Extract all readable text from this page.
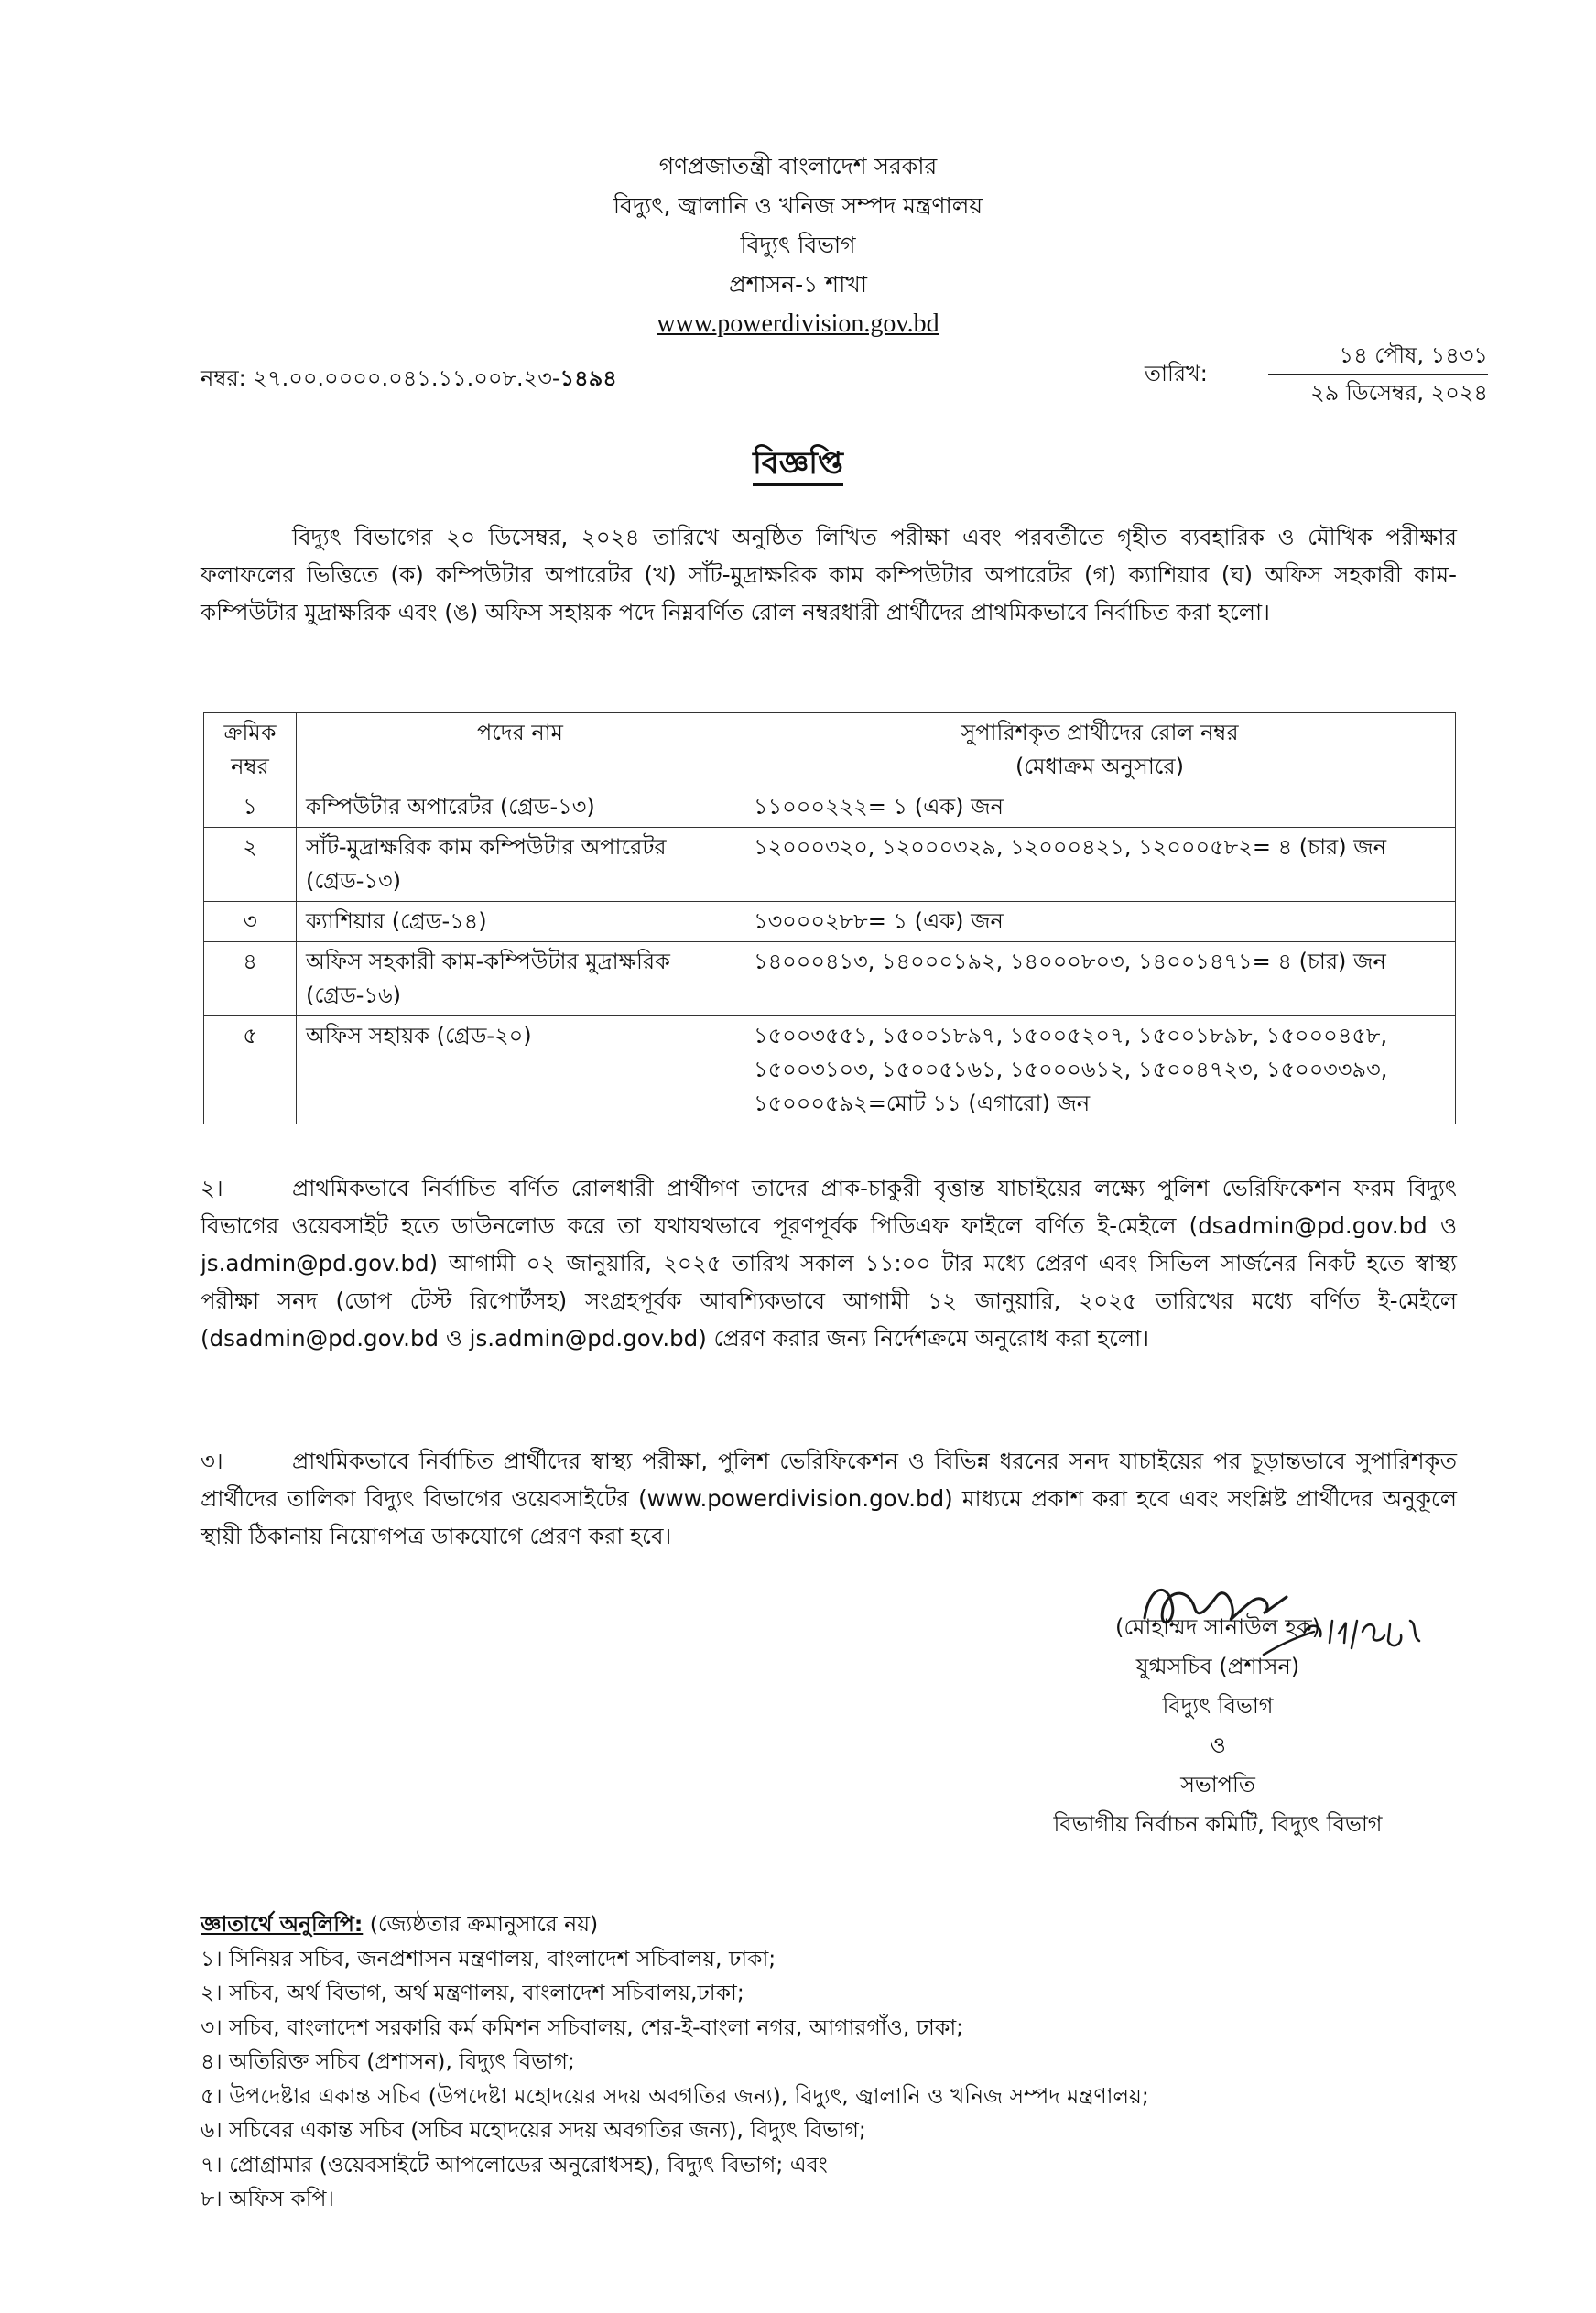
গণপ্রজাতন্ত্রী বাংলাদেশ সরকার
বিদ্যুৎ, জ্বালানি ও খনিজ সম্পদ মন্ত্রণালয়
বিদ্যুৎ বিভাগ
প্রশাসন-১ শাখা
www.powerdivision.gov.bd
নম্বর: ২৭.০০.০০০০.০৪১.১১.০০৮.২৩-১৪৯৪	তারিখ:
১৪ পৌষ, ১৪৩১
২৯ ডিসেম্বর, ২০২৪
বিজ্ঞপ্তি
বিদ্যুৎ বিভাগের ২০ ডিসেম্বর, ২০২৪ তারিখে অনুষ্ঠিত লিখিত পরীক্ষা এবং পরবর্তীতে গৃহীত ব্যবহারিক ও মৌখিক পরীক্ষার ফলাফলের ভিত্তিতে (ক) কম্পিউটার অপারেটর (খ) সাঁট-মুদ্রাক্ষরিক কাম কম্পিউটার অপারেটর (গ) ক্যাশিয়ার (ঘ) অফিস সহকারী কাম-কম্পিউটার মুদ্রাক্ষরিক এবং (ঙ) অফিস সহায়ক পদে নিম্নবর্ণিত রোল নম্বরধারী প্রার্থীদের প্রাথমিকভাবে নির্বাচিত করা হলো।
ক্রমিক নম্বর	পদের নাম	সুপারিশকৃত প্রার্থীদের রোল নম্বর
(মেধাক্রম অনুসারে)

১	কম্পিউটার অপারেটর (গ্রেড-১৩)	১১০০০২২২= ১ (এক) জন
২	সাঁট-মুদ্রাক্ষরিক কাম কম্পিউটার অপারেটর (গ্রেড-১৩)	১২০০০৩২০, ১২০০০৩২৯, ১২০০০৪২১, ১২০০০৫৮২= ৪ (চার) জন
৩	ক্যাশিয়ার (গ্রেড-১৪)	১৩০০০২৮৮= ১ (এক) জন
৪	অফিস সহকারী কাম-কম্পিউটার মুদ্রাক্ষরিক (গ্রেড-১৬)	১৪০০০৪১৩, ১৪০০০১৯২, ১৪০০০৮০৩, ১৪০০১৪৭১= ৪ (চার) জন
৫	অফিস সহায়ক (গ্রেড-২০)	১৫০০৩৫৫১, ১৫০০১৮৯৭, ১৫০০৫২০৭, ১৫০০১৮৯৮, ১৫০০০৪৫৮, ১৫০০৩১০৩, ১৫০০৫১৬১, ১৫০০০৬১২, ১৫০০৪৭২৩, ১৫০০৩৩৯৩, ১৫০০০৫৯২=মোট ১১ (এগারো) জন
২।	প্রাথমিকভাবে নির্বাচিত বর্ণিত রোলধারী প্রার্থীগণ তাদের প্রাক-চাকুরী বৃত্তান্ত যাচাইয়ের লক্ষ্যে পুলিশ ভেরিফিকেশন ফরম বিদ্যুৎ বিভাগের ওয়েবসাইট হতে ডাউনলোড করে তা যথাযথভাবে পূরণপূর্বক পিডিএফ ফাইলে বর্ণিত ই-মেইলে (dsadmin@pd.gov.bd ও js.admin@pd.gov.bd) আগামী ০২ জানুয়ারি, ২০২৫ তারিখ সকাল ১১:০০ টার মধ্যে প্রেরণ এবং সিভিল সার্জনের নিকট হতে স্বাস্থ্য পরীক্ষা সনদ (ডোপ টেস্ট রিপোর্টসহ) সংগ্রহপূর্বক আবশ্যিকভাবে আগামী ১২ জানুয়ারি, ২০২৫ তারিখের মধ্যে বর্ণিত ই-মেইলে (dsadmin@pd.gov.bd ও js.admin@pd.gov.bd) প্রেরণ করার জন্য নির্দেশক্রমে অনুরোধ করা হলো।
৩।	প্রাথমিকভাবে নির্বাচিত প্রার্থীদের স্বাস্থ্য পরীক্ষা, পুলিশ ভেরিফিকেশন ও বিভিন্ন ধরনের সনদ যাচাইয়ের পর চূড়ান্তভাবে সুপারিশকৃত প্রার্থীদের তালিকা বিদ্যুৎ বিভাগের ওয়েবসাইটের (www.powerdivision.gov.bd) মাধ্যমে প্রকাশ করা হবে এবং সংশ্লিষ্ট প্রার্থীদের অনুকূলে স্থায়ী ঠিকানায় নিয়োগপত্র ডাকযোগে প্রেরণ করা হবে।
(মোহাম্মদ সানাউল হক)
যুগ্মসচিব (প্রশাসন)
বিদ্যুৎ বিভাগ
ও
সভাপতি
বিভাগীয় নির্বাচন কমিটি, বিদ্যুৎ বিভাগ
জ্ঞাতার্থে অনুলিপি: (জ্যেষ্ঠতার ক্রমানুসারে নয়)
১। সিনিয়র সচিব, জনপ্রশাসন মন্ত্রণালয়, বাংলাদেশ সচিবালয়, ঢাকা;
২। সচিব, অর্থ বিভাগ, অর্থ মন্ত্রণালয়, বাংলাদেশ সচিবালয়,ঢাকা;
৩। সচিব, বাংলাদেশ সরকারি কর্ম কমিশন সচিবালয়, শের-ই-বাংলা নগর, আগারগাঁও, ঢাকা;
৪। অতিরিক্ত সচিব (প্রশাসন), বিদ্যুৎ বিভাগ;
৫। উপদেষ্টার একান্ত সচিব (উপদেষ্টা মহোদয়ের সদয় অবগতির জন্য), বিদ্যুৎ, জ্বালানি ও খনিজ সম্পদ মন্ত্রণালয়;
৬। সচিবের একান্ত সচিব (সচিব মহোদয়ের সদয় অবগতির জন্য), বিদ্যুৎ বিভাগ;
৭। প্রোগ্রামার (ওয়েবসাইটে আপলোডের অনুরোধসহ), বিদ্যুৎ বিভাগ; এবং
৮। অফিস কপি।
